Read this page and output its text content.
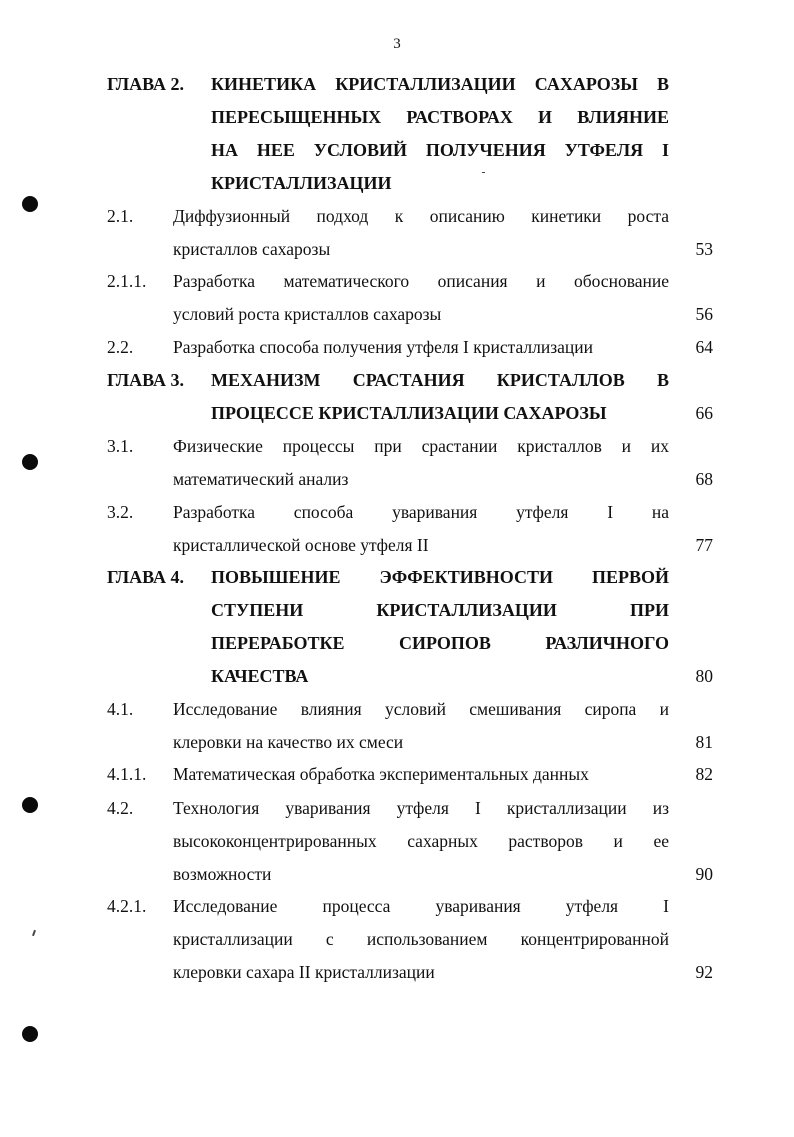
3
ГЛАВА 2. КИНЕТИКА КРИСТАЛЛИЗАЦИИ САХАРОЗЫ В
ПЕРЕСЫЩЕННЫХ РАСТВОРАХ И ВЛИЯНИЕ
НА НЕЕ УСЛОВИЙ ПОЛУЧЕНИЯ УТФЕЛЯ I
КРИСТАЛЛИЗАЦИИ
2.1. Диффузионный подход к описанию кинетики роста
кристаллов сахарозы	53
2.1.1. Разработка математического описания и обоснование
условий роста кристаллов сахарозы	56
2.2. Разработка способа получения утфеля I кристаллизации	64
ГЛАВА 3. МЕХАНИЗМ СРАСТАНИЯ КРИСТАЛЛОВ В
ПРОЦЕССЕ КРИСТАЛЛИЗАЦИИ САХАРОЗЫ	66
3.1. Физические процессы при срастании кристаллов и их
математический анализ	68
3.2. Разработка способа уваривания утфеля I на
кристаллической основе утфеля II	77
ГЛАВА 4. ПОВЫШЕНИЕ ЭФФЕКТИВНОСТИ ПЕРВОЙ
СТУПЕНИ КРИСТАЛЛИЗАЦИИ ПРИ
ПЕРЕРАБОТКЕ СИРОПОВ РАЗЛИЧНОГО
КАЧЕСТВА	80
4.1. Исследование влияния условий смешивания сиропа и
клеровки на качество их смеси	81
4.1.1. Математическая обработка экспериментальных данных	82
4.2. Технология уваривания утфеля I кристаллизации из
высококонцентрированных сахарных растворов и ее
возможности	90
4.2.1. Исследование процесса уваривания утфеля I
кристаллизации с использованием концентрированной
клеровки сахара II кристаллизации	92
